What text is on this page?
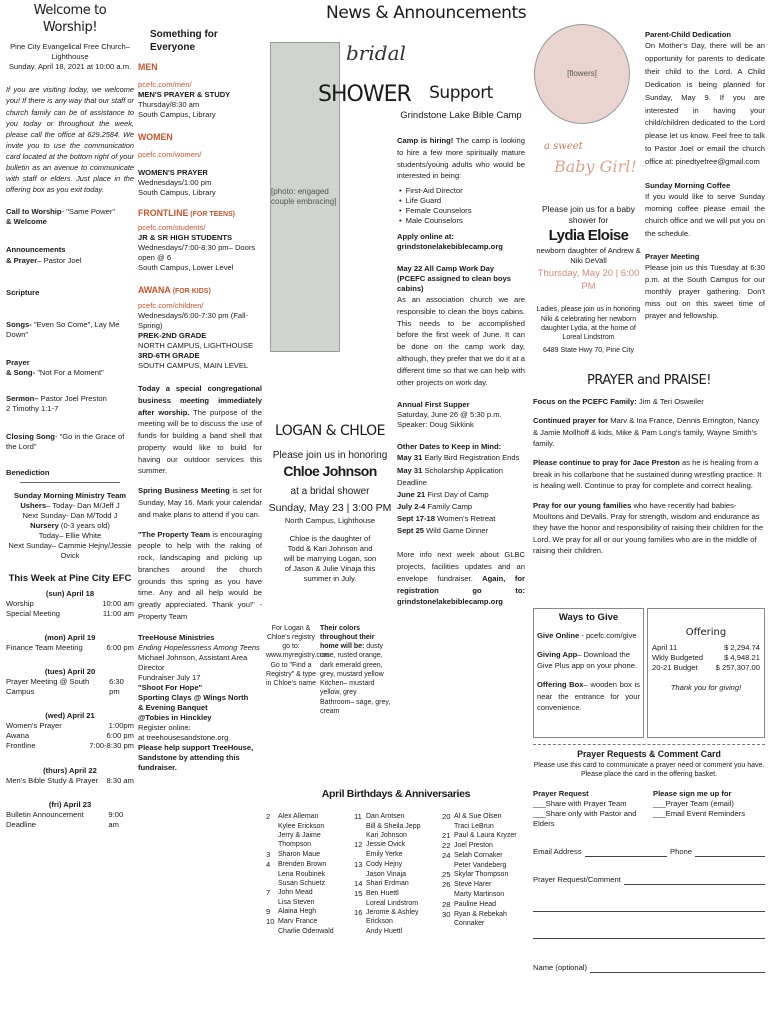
Welcome to Worship!
Pine City Evangelical Free Church– Lighthouse
Sunday, April 18, 2021 at 10:00 a.m.
If you are visiting today, we welcome you! If there is any way that our staff or church family can be of assistance to you today or throughout the week, please call the office at 629.2584. We invite you to use the communication card located at the bottom right of your bulletin as an avenue to communicate with staff or elders. Just place in the offering box as you exit today.
Call to Worship- "Same Power"
& Welcome
Announcements
& Prayer– Pastor Joel
Scripture
Songs- "Even So Come", Lay Me Down"
Prayer
& Song- "Not For a Moment"
Sermon– Pastor Joel Preston
2 Timothy 1:1-7
Closing Song- "Go in the Grace of the Lord"
Benediction
Sunday Morning Ministry Team
Ushers– Today- Dan M/Jeff J
Next Sunday- Dan M/Todd J
Nursery (0-3 years old)
Today– Ellie White
Next Sunday– Cammie Hejny/Jessie Ovick
This Week at Pine City EFC
(sun) April 18
Worship	10:00 am
Special Meeting	11:00 am
(mon) April 19
Finance Team Meeting	6:00 pm
(tues) April 20
Prayer Meeting @ South Campus
6:30 pm
(wed) April 21
Women's Prayer	1:00pm
Awana	6:00 pm
Frontline	7:00-8:30 pm
(thurs) April 22
Men's Bible Study & Prayer 8:30 am
(fri) April 23
Bulletin Announcement Deadline
9:00 am
Something for Everyone
MEN
pcefc.com/men/
MEN'S PRAYER & STUDY
Thursday/8:30 am
South Campus, Library
WOMEN
pcefc.com/women/
WOMEN'S PRAYER
Wednesdays/1:00 pm
South Campus, Library
FRONTLINE (FOR TEENS)
pcefc.com/students/
JR & SR HIGH STUDENTS
Wednesdays/7:00-8:30 pm– Doors open @ 6
South Campus, Lower Level
AWANA (FOR KIDS)
pcefc.com/children/
Wednesdays/6:00-7:30 pm (Fall-Spring)
PREK-2ND GRADE
NORTH CAMPUS, LIGHTHOUSE
3RD-6TH GRADE
SOUTH CAMPUS, MAIN LEVEL
Today a special congregational business meeting immediately after worship. The purpose of the meeting will be to discuss the use of funds for building a band shell that property would like to build for having our outdoor services this summer.
Spring Business Meeting is set for Sunday, May 16. Mark your calendar and make plans to attend if you can.
"The Property Team is encouraging people to help with the raking of rock, landscaping and picking up branches around the church grounds this spring as you have time. Any and all help would be greatly appreciated. Thank you!" -Property Team
TreeHouse Ministries
Ending Hopelessness Among Teens
Michael Johnson, Assistant Area Director
Fundraiser July 17
"Shoot For Hope"
Sporting Clays @ Wings North
& Evening Banquet
@Tobies in Hinckley
Register online:
at treehousesandstone.org
Please help support TreeHouse, Sandstone by attending this fundraiser.
News & Announcements
[photo: engaged couple embracing]
bridal
SHOWER
LOGAN & CHLOE
Please join us in honoring
Chloe Johnson
at a bridal shower
Sunday, May 23 | 3:00 PM
North Campus, Lighthouse
Chloe is the daughter of Todd & Kari Johnson and will be marrying Logan, son of Jason & Julie Vinaja this summer in July.
For Logan & Chloe's registry go to: www.myregistry.com Go to "Find a Registry" & type in Chloe's name
Their colors throughout their home will be: dusty rose, rusted orange, dark emerald green, grey, mustard yellow
Kitchen– mustard yellow, grey
Bathroom– sage, grey, cream
Support
Grindstone Lake Bible Camp
Camp is hiring! The camp is looking to hire a few more spiritually mature students/young adults who would be interested in being:
• First-Aid Director
• Life Guard
• Female Counselors
• Male Counselors
Apply online at:
grindstonelakebiblecamp.org
May 22 All Camp Work Day
(PCEFC assigned to clean boys cabins)
As an association church we are responsible to clean the boys cabins. This needs to be accomplished before the first week of June. It can be done on the camp work day, although, they prefer that we do it at a different time so that we can help with other projects on work day.
Annual First Supper
Saturday, June 26 @ 5:30 p.m.
Speaker: Doug Sikkink
Other Dates to Keep in Mind:
May 31 Early Bird Registration Ends
May 31 Scholarship Application Deadline
June 21 First Day of Camp
July 2-4 Family Camp
Sept 17-18 Women's Retreat
Sept 25 Wild Game Dinner
More info next week about GLBC projects, facilities updates and an envelope fundraiser. Again, for registration go to: grindstonelakebiblecamp.org
[flowers]
a sweet
Baby Girl!
Please join us for a baby shower for
Lydia Eloise
newborn daughter of Andrew & Niki DeVall
Thursday, May 20 | 6:00 PM
Ladies, please join us in honoring Niki & celebrating her newborn daughter Lydia, at the home of Loreal Lindstrom
6489 State Hwy 70, Pine City
Parent-Child Dedication
On Mother's Day, there will be an opportunity for parents to dedicate their child to the Lord. A Child Dedication is being planned for Sunday, May 9. If you are interested in having your child/children dedicated to the Lord please let us know. Feel free to talk to Pastor Joel or email the church office at: pinedtyefree@gmail.com
Sunday Morning Coffee
If you would like to serve Sunday morning coffee please email the church office and we will put you on the schedule.
Prayer Meeting
Please join us this Tuesday at 6:30 p.m. at the South Campus for our monthly prayer gathering. Don't miss out on this sweet time of prayer and fellowship.
PRAYER and PRAISE!
Focus on the PCEFC Family: Jim & Teri Osweiler
Continued prayer for Marv & Ina France, Dennis Errington, Nancy & Jamie Mollhoff & kids, Mike & Pam Long's family, Wayne Smith's family.
Please continue to pray for Jace Preston as he is healing from a break in his collarbone that he sustained during wrestling practice. It is healing well. Continue to pray for complete and correct healing.
Pray for our young families who have recently had babies- Moultons and DeValls. Pray for strength, wisdom and endurance as they have the honor and responsibility of raising their children for the Lord. We pray for all or our young families who are in the middle of raising their children.
Ways to Give
Give Online - pcefc.com/give
Giving App– Download the Give Plus app on your phone.
Offering Box– wooden box is near the entrance for your convenience.
Offering
April 11	$ 2,294.74
Wkly Budgeted	$ 4,948.21
20-21 Budget $ 257,307.00
Thank you for giving!
Prayer Requests & Comment Card
Please use this card to communicate a prayer need or comment you have.
Please place the card in the offering basket.
Prayer Request
___Share with Prayer Team
___Share only with Pastor and Elders
Please sign me up for
___Prayer Team (email)
___Email Event Reminders
Email Address	Phone
Prayer Request/Comment
Name (optional)
April Birthdays & Anniversaries
2	Alex Alleman
Kylee Erickson
Jerry & Jaime Thompson
3	Sharon Maue
4	Brenden Brown
Lena Roubinek
Susan Schuetz
7	John Mead
Lisa Steven
9	Alaina Hegh
10 Marv France
Charlie Odenwald
11 Dan Arntsen
Bill & Sheila Jepp
Kari Johnson
12 Jessie Ovick
Emily Yerke
13 Cody Hejny
Jason Vinaja
14 Shari Erdman
15 Ben Huettl
Loreal Lindstrom
16 Jerome & Ashley Erickson
Andy Huettl
20 Al & Sue Olsen
Traci LeBrun
21 Paul & Laura Kryzer
22 Joel Preston
24 Selah Cornaker
Peter Vandeberg
25 Skylar Thompson
26 Steve Harer
Marty Martinson
28 Pauline Head
30 Ryan & Rebekah Connaker
